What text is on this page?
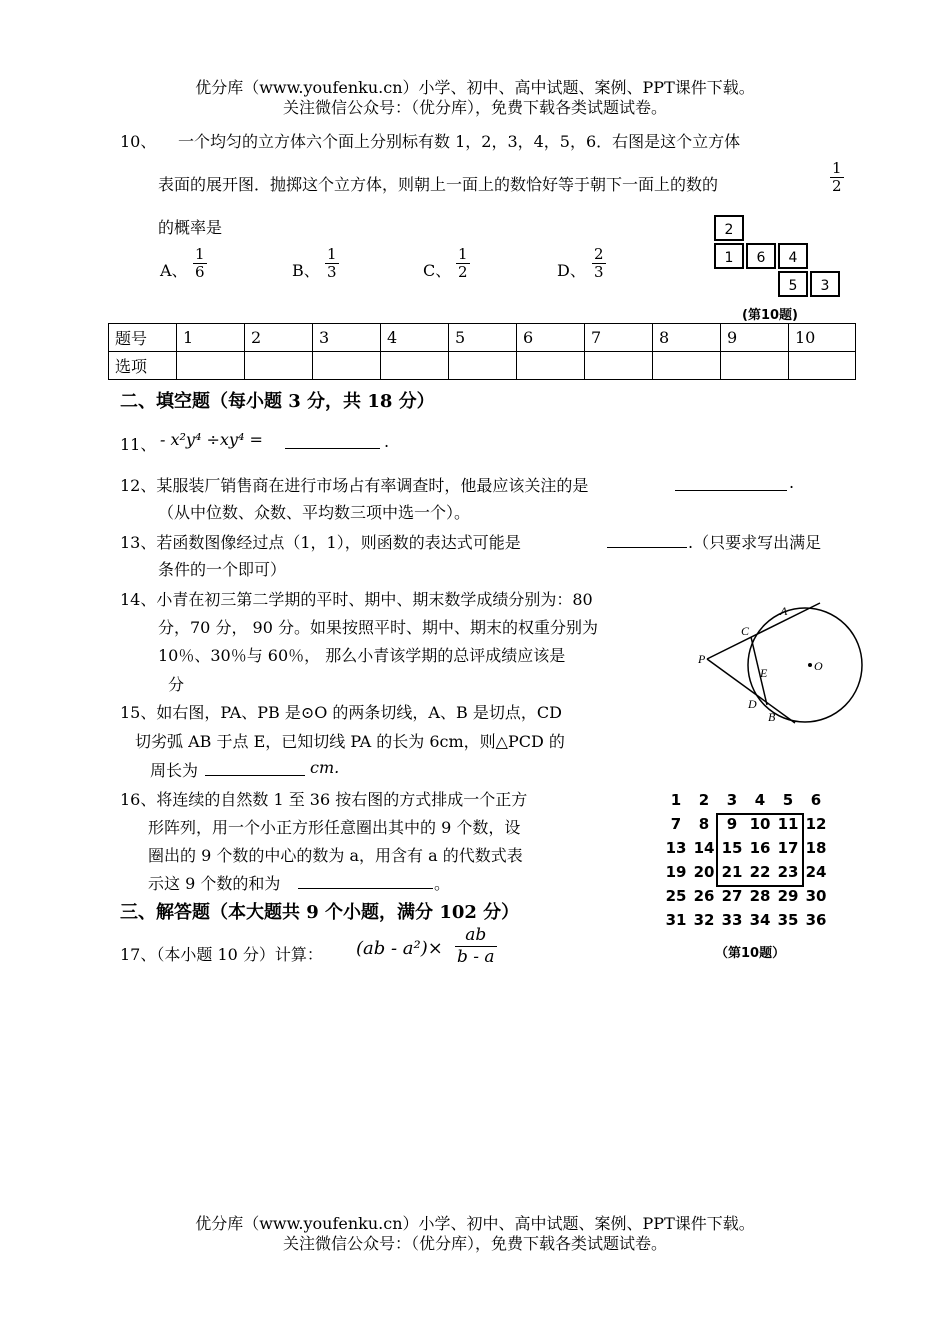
优分库（www.youfenku.cn）小学、初中、高中试题、案例、PPT课件下载。
关注微信公众号：（优分库），免费下载各类试题试卷。
10、 一个均匀的立方体六个面上分别标有数 1，2，3，4，5，6．右图是这个立方体
表面的展开图．抛掷这个立方体，则朝上一面上的数恰好等于朝下一面上的数的	$\frac{1}{2}$
的概率是
A、 $\frac{1}{6}$	B、 $\frac{1}{3}$	C、 $\frac{1}{2}$	D、 $\frac{2}{3}$
2
1	6	4
5	3
(第10题)
题号	1	2	3	4	5	6	7	8	9	10
选项										
二、填空题（每小题 3 分，共 18 分）
11、 - x²y⁴ ÷xy⁴ =	.
12、某服装厂销售商在进行市场占有率调查时，他最应该关注的是	.
（从中位数、众数、平均数三项中选一个）。
13、若函数图像经过点（1，1），则函数的表达式可能是	.（只要求写出满足
条件的一个即可）
14、小青在初三第二学期的平时、期中、期末数学成绩分别为：80
分，70 分， 90 分。如果按照平时、期中、期末的权重分别为
10％、30％与 60％， 那么小青该学期的总评成绩应该是
分
15、如右图，PA、PB 是⊙O 的两条切线，A、B 是切点，CD
切劣弧 AB 于点 E，已知切线 PA 的长为 6cm，则△PCD 的
周长为	cm.
P
A
C
E
D
B
O
16、将连续的自然数 1 至 36 按右图的方式排成一个正方
形阵列，用一个小正方形任意圈出其中的 9 个数，设
圈出的 9 个数的中心的数为 a，用含有 a 的代数式表
示这 9 个数的和为	。
1	2	3	4	5	6
7	8	9	10	11	12
13	14	15	16	17	18
19	20	21	22	23	24
25	26	27	28	29	30
31	32	33	34	35	36
（第10题）
三、解答题（本大题共 9 个小题，满分 102 分）
17、（本小题 10 分）计算： $(ab - a^2)\times \frac{ab}{b - a}$
优分库（www.youfenku.cn）小学、初中、高中试题、案例、PPT课件下载。
关注微信公众号：（优分库），免费下载各类试题试卷。
